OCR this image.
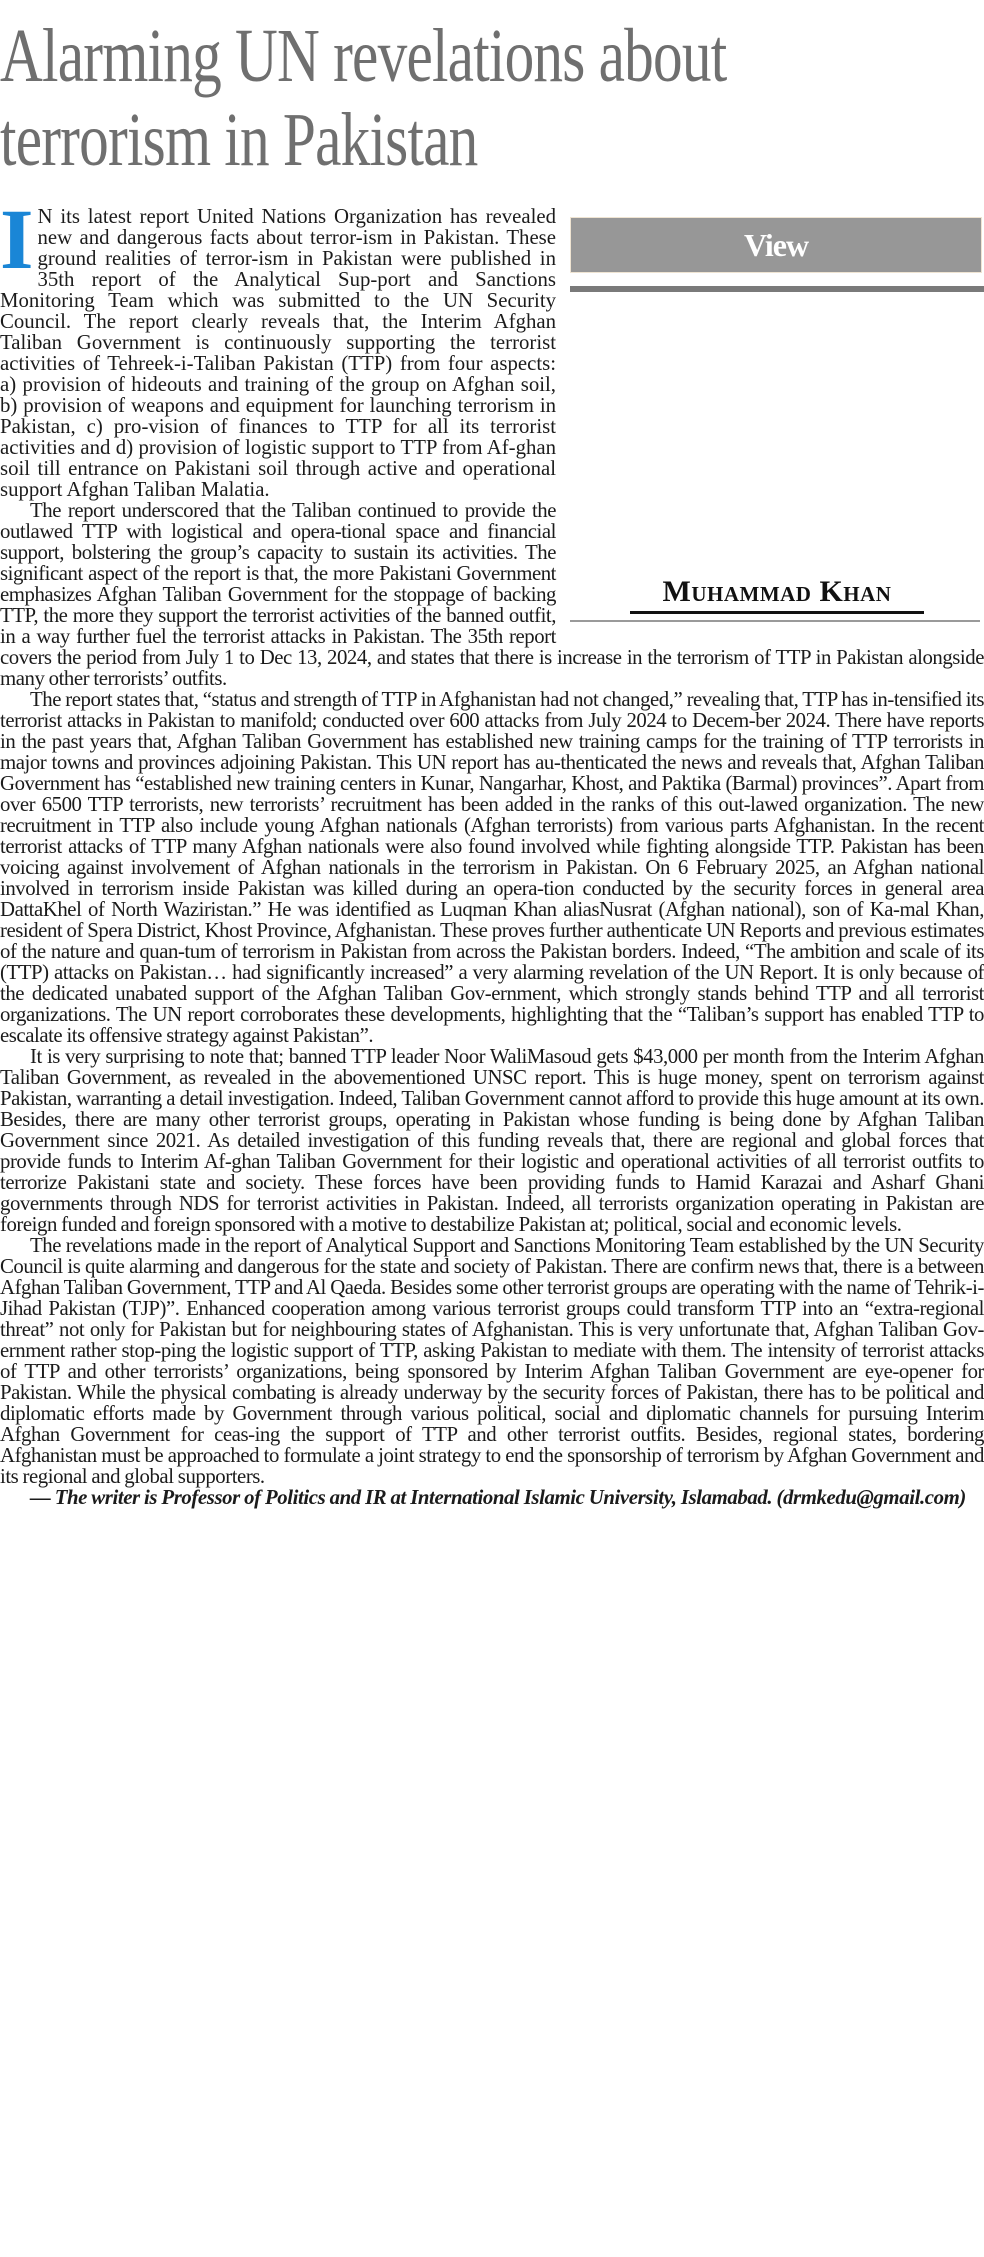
Alarming UN revelations about
terrorism in Pakistan
View
Muhammad Khan

I N its latest report United Nations Organization has revealed new and dangerous facts about terror-ism in Pakistan. These ground realities of terror-ism in Pakistan were published in 35th report of the Analytical Sup-port and Sanctions Monitoring Team which was submitted to the UN Security Council. The report clearly reveals that, the Interim Afghan Taliban Government is continuously supporting the terrorist activities of Tehreek-i-Taliban Pakistan (TTP) from four aspects: a) provision of hideouts and training of the group on Afghan soil, b) provision of weapons and equipment for launching terrorism in Pakistan, c) pro-vision of finances to TTP for all its terrorist activities and d) provision of logistic support to TTP from Af-ghan soil till entrance on Pakistani soil through active and operational support Afghan Taliban Malatia.

The report underscored that the Taliban continued to provide the outlawed TTP with logistical and opera-tional space and financial support, bolstering the group’s capacity to sustain its activities. The significant aspect of the report is that, the more Pakistani Government emphasizes Afghan Taliban Government for the stoppage of backing TTP, the more they support the terrorist activities of the banned outfit, in a way further fuel the terrorist attacks in Pakistan. The 35th report covers the period from July 1 to Dec 13, 2024, and states that there is increase in the terrorism of TTP in Pakistan alongside many other terrorists’ outfits.

The report states that, “status and strength of TTP in Afghanistan had not changed,” revealing that, TTP has in-tensified its terrorist attacks in Pakistan to manifold; conducted over 600 attacks from July 2024 to Decem-ber 2024. There have reports in the past years that, Afghan Taliban Government has established new training camps for the training of TTP terrorists in major towns and provinces adjoining Pakistan. This UN report has au-thenticated the news and reveals that, Afghan Taliban Government has “established new training centers in Kunar, Nangarhar, Khost, and Paktika (Barmal) provinces”. Apart from over 6500 TTP terrorists, new terrorists’ recruitment has been added in the ranks of this out-lawed organization. The new recruitment in TTP also include young Afghan nationals (Afghan terrorists) from various parts Afghanistan. In the recent terrorist attacks of TTP many Afghan nationals were also found involved while fighting alongside TTP. Pakistan has been voicing against involvement of Afghan nationals in the terrorism in Pakistan. On 6 February 2025, an Afghan national involved in terrorism inside Pakistan was killed during an opera-tion conducted by the security forces in general area DattaKhel of North Waziristan.” He was identified as Luqman Khan aliasNusrat (Afghan national), son of Ka-mal Khan, resident of Spera District, Khost Province, Afghanistan. These proves further authenticate UN Reports and previous estimates of the nature and quan-tum of terrorism in Pakistan from across the Pakistan borders. Indeed, “The ambition and scale of its (TTP) attacks on Pakistan… had significantly increased” a very alarming revelation of the UN Report. It is only because of the dedicated unabated support of the Afghan Taliban Gov-ernment, which strongly stands behind TTP and all terrorist organizations. The UN report corroborates these developments, highlighting that the “Taliban’s support has enabled TTP to escalate its offensive strategy against Pakistan”.

It is very surprising to note that; banned TTP leader Noor WaliMasoud gets $43,000 per month from the Interim Afghan Taliban Government, as revealed in the abovementioned UNSC report. This is huge money, spent on terrorism against Pakistan, warranting a detail investigation. Indeed, Taliban Government cannot afford to provide this huge amount at its own. Besides, there are many other terrorist groups, operating in Pakistan whose funding is being done by Afghan Taliban Government since 2021. As detailed investigation of this funding reveals that, there are regional and global forces that provide funds to Interim Af-ghan Taliban Government for their logistic and operational activities of all terrorist outfits to terrorize Pakistani state and society. These forces have been providing funds to Hamid Karazai and Asharf Ghani governments through NDS for terrorist activities in Pakistan. Indeed, all terrorists organization operating in Pakistan are foreign funded and foreign sponsored with a motive to destabilize Pakistan at; political, social and economic levels.

The revelations made in the report of Analytical Support and Sanctions Monitoring Team established by the UN Security Council is quite alarming and dangerous for the state and society of Pakistan. There are confirm news that, there is a between Afghan Taliban Government, TTP and Al Qaeda. Besides some other terrorist groups are operating with the name of Tehrik-i-Jihad Pakistan (TJP)”. Enhanced cooperation among various terrorist groups could transform TTP into an “extra-regional threat” not only for Pakistan but for neighbouring states of Afghanistan. This is very unfortunate that, Afghan Taliban Gov-ernment rather stop-ping the logistic support of TTP, asking Pakistan to mediate with them. The intensity of terrorist attacks of TTP and other terrorists’ organizations, being sponsored by Interim Afghan Taliban Government are eye-opener for Pakistan. While the physical combating is already underway by the security forces of Pakistan, there has to be political and diplomatic efforts made by Government through various political, social and diplomatic channels for pursuing Interim Afghan Government for ceas-ing the support of TTP and other terrorist outfits. Besides, regional states, bordering Afghanistan must be approached to formulate a joint strategy to end the sponsorship of terrorism by Afghan Government and its regional and global supporters.

— The writer is Professor of Politics and IR at International Islamic University, Islamabad. (drmkedu@gmail.com)
